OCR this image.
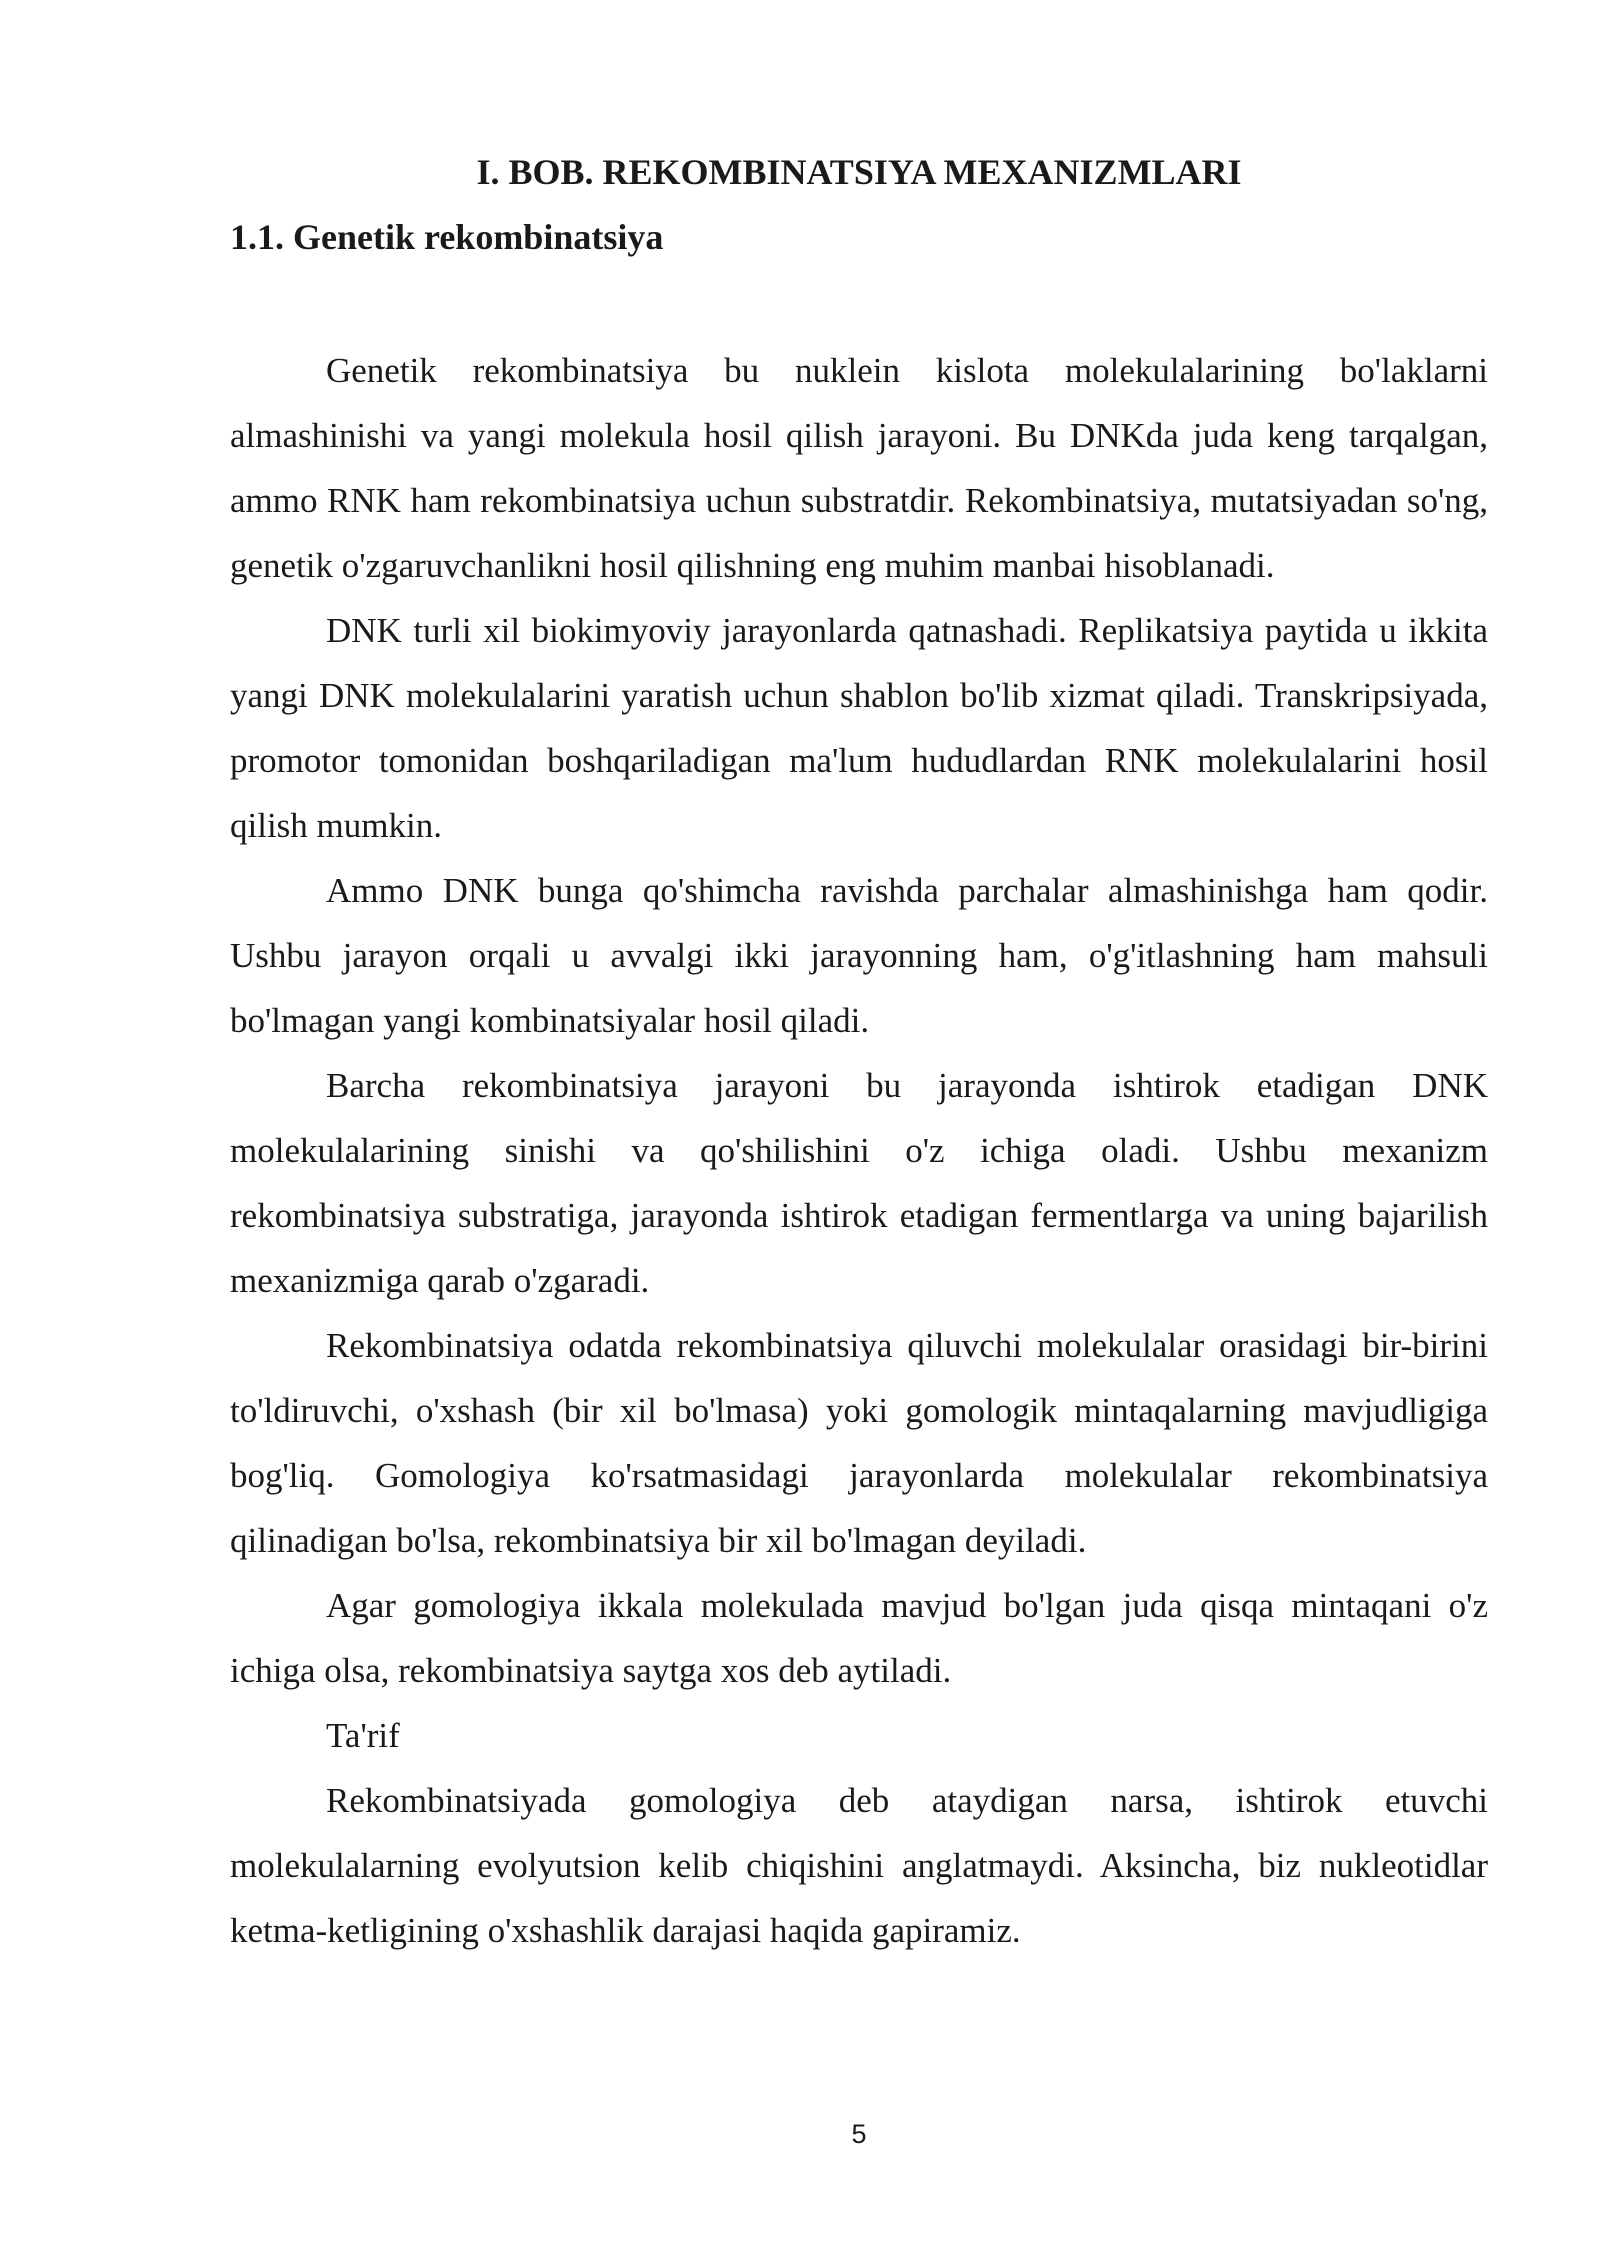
I. BOB. REKOMBINATSIYA MEXANIZMLARI
1.1. Genetik rekombinatsiya

Genetik rekombinatsiya bu nuklein kislota molekulalarining bo'laklarni almashinishi va yangi molekula hosil qilish jarayoni. Bu DNKda juda keng tarqalgan, ammo RNK ham rekombinatsiya uchun substratdir. Rekombinatsiya, mutatsiyadan so'ng, genetik o'zgaruvchanlikni hosil qilishning eng muhim manbai hisoblanadi.

DNK turli xil biokimyoviy jarayonlarda qatnashadi. Replikatsiya paytida u ikkita yangi DNK molekulalarini yaratish uchun shablon bo'lib xizmat qiladi. Transkripsiyada, promotor tomonidan boshqariladigan ma'lum hududlardan RNK molekulalarini hosil qilish mumkin.

Ammo DNK bunga qo'shimcha ravishda parchalar almashinishga ham qodir. Ushbu jarayon orqali u avvalgi ikki jarayonning ham, o'g'itlashning ham mahsuli bo'lmagan yangi kombinatsiyalar hosil qiladi.

Barcha rekombinatsiya jarayoni bu jarayonda ishtirok etadigan DNK molekulalarining sinishi va qo'shilishini o'z ichiga oladi. Ushbu mexanizm rekombinatsiya substratiga, jarayonda ishtirok etadigan fermentlarga va uning bajarilish mexanizmiga qarab o'zgaradi.

Rekombinatsiya odatda rekombinatsiya qiluvchi molekulalar orasidagi bir-birini to'ldiruvchi, o'xshash (bir xil bo'lmasa) yoki gomologik mintaqalarning mavjudligiga bog'liq. Gomologiya ko'rsatmasidagi jarayonlarda molekulalar rekombinatsiya qilinadigan bo'lsa, rekombinatsiya bir xil bo'lmagan deyiladi.

Agar gomologiya ikkala molekulada mavjud bo'lgan juda qisqa mintaqani o'z ichiga olsa, rekombinatsiya saytga xos deb aytiladi.

Ta'rif

Rekombinatsiyada gomologiya deb ataydigan narsa, ishtirok etuvchi molekulalarning evolyutsion kelib chiqishini anglatmaydi. Aksincha, biz nukleotidlar ketma-ketligining o'xshashlik darajasi haqida gapiramiz.

5
